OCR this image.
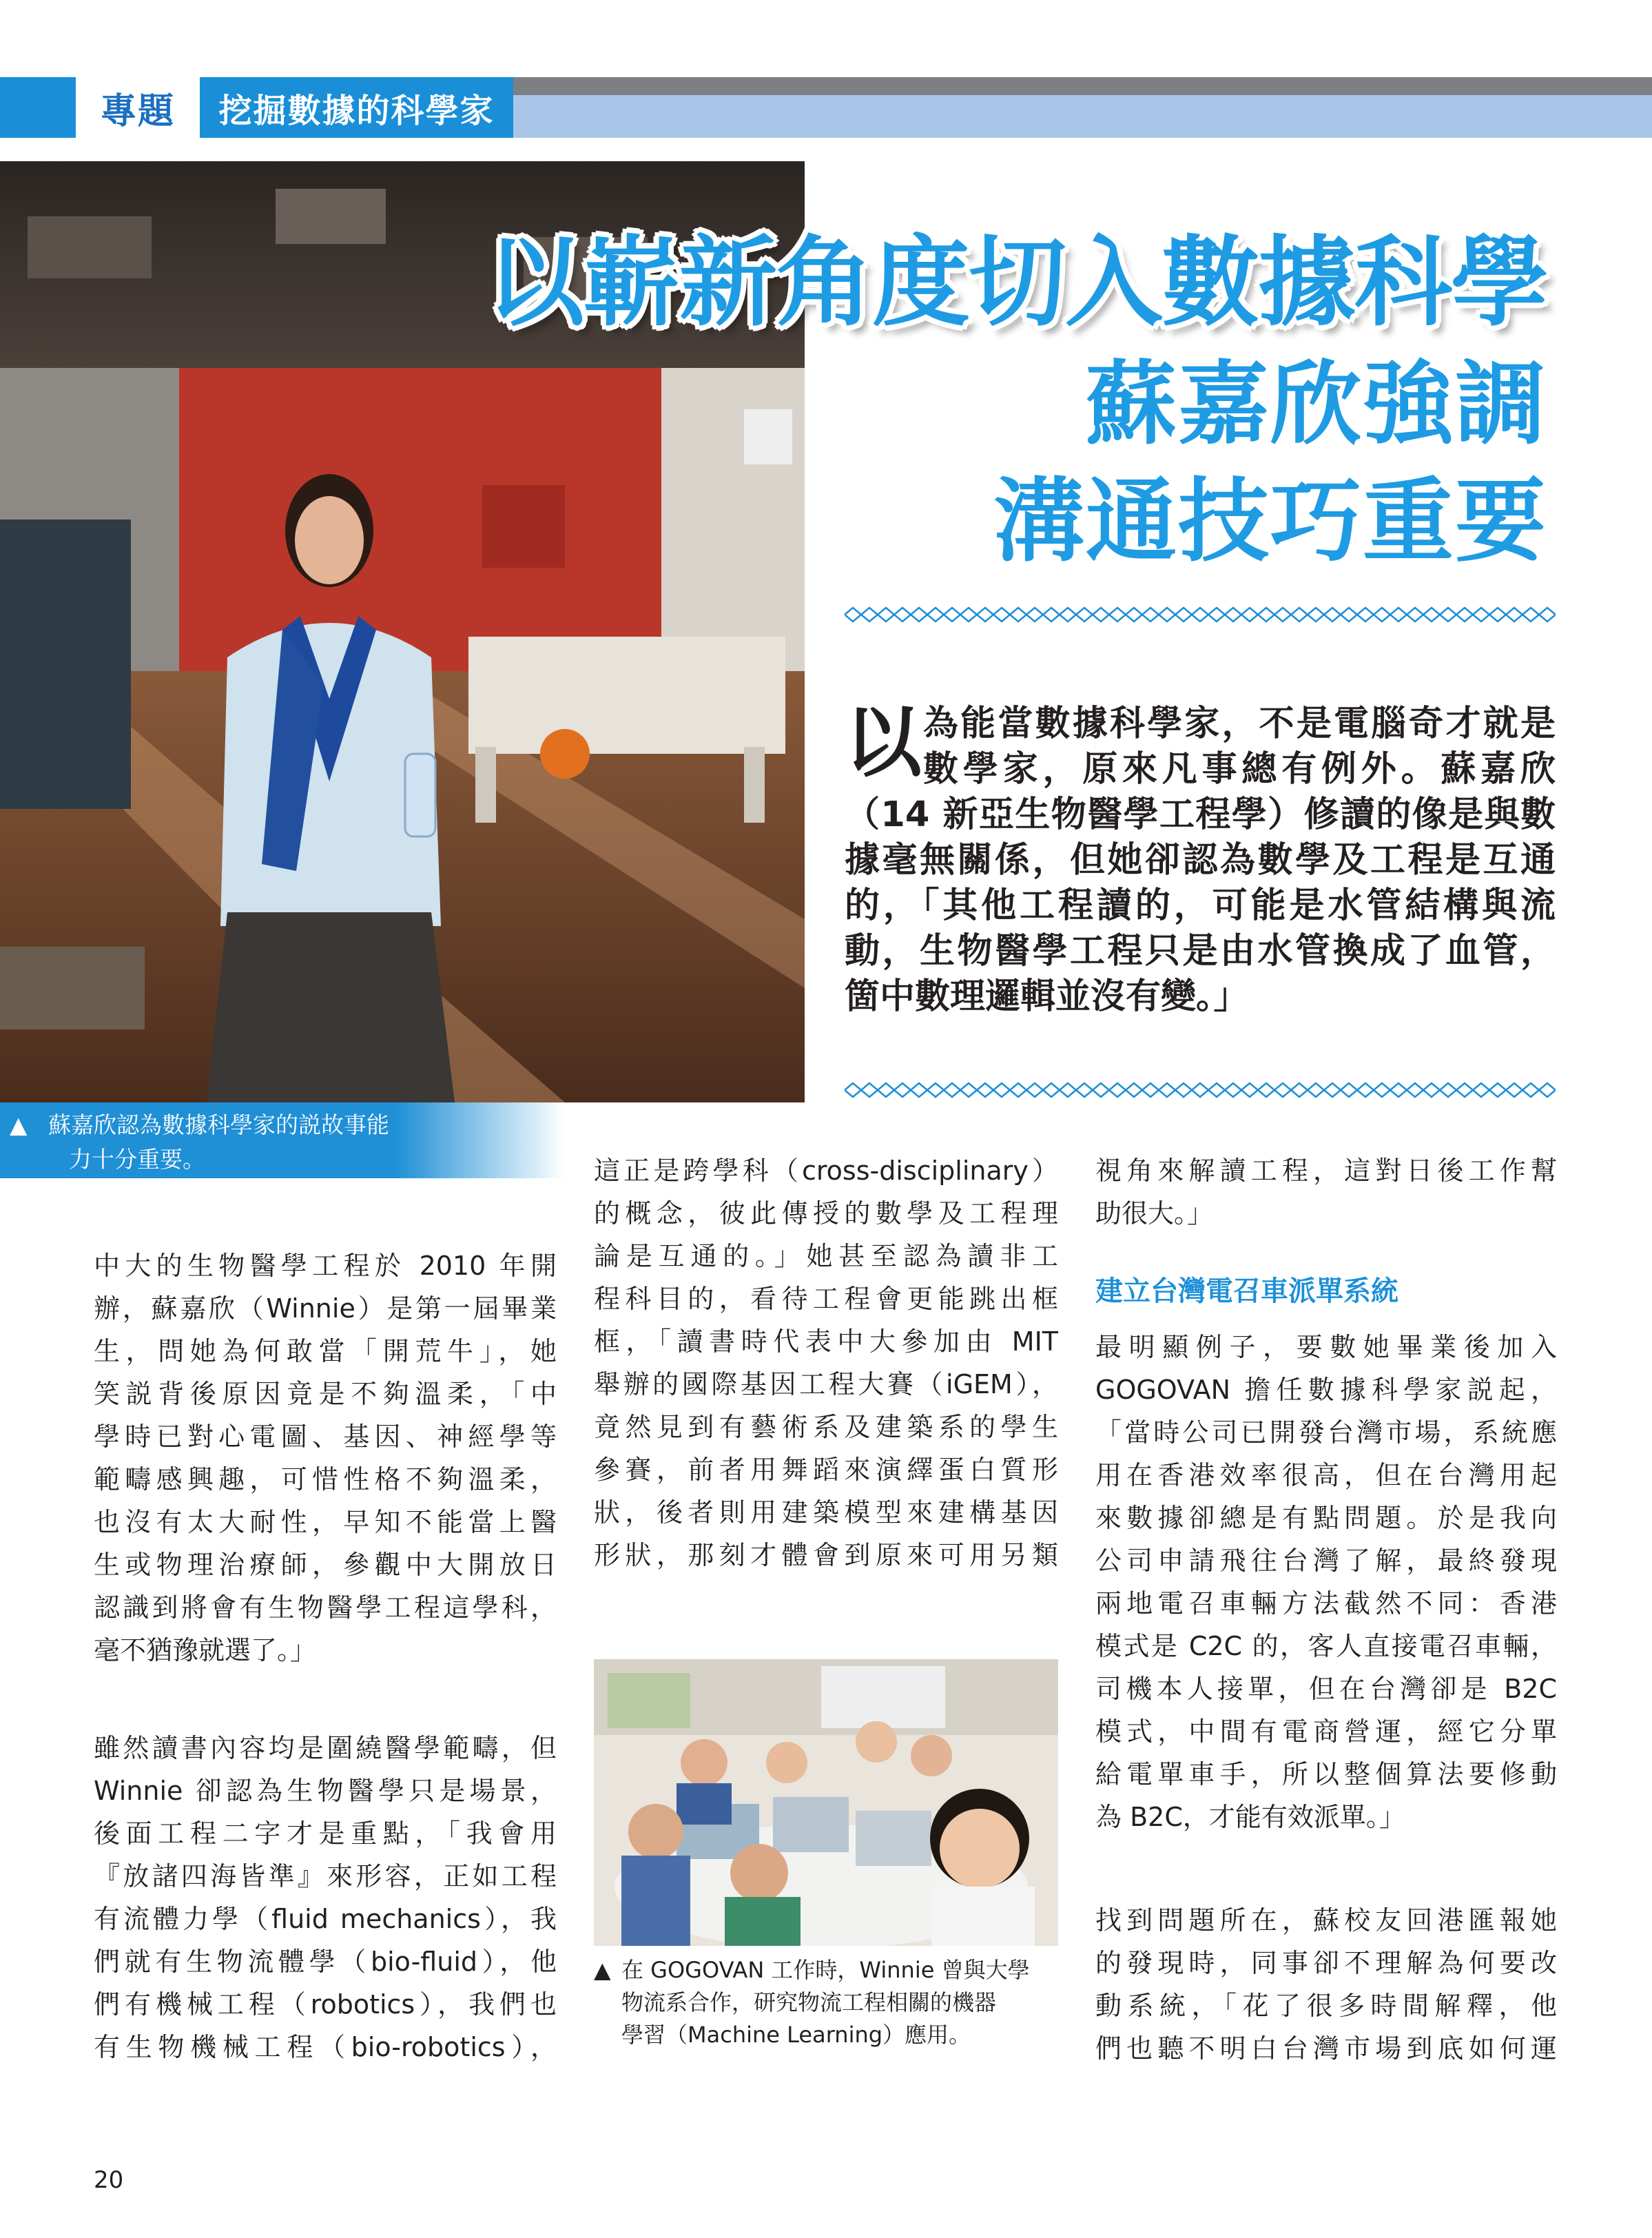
專題	挖掘數據的科學家
▲ 蘇嘉欣認為數據科學家的説故事能
力十分重要。
以嶄新角度切入數據科學
蘇嘉欣強調
溝通技巧重要
以 為能當數據科學家，不是電腦奇才就是
數學家，原來凡事總有例外。蘇嘉欣
（14 新亞生物醫學工程學）修讀的像是與數
據毫無關係，但她卻認為數學及工程是互通
的，「其他工程讀的，可能是水管結構與流
動，生物醫學工程只是由水管換成了血管，
箇中數理邏輯並沒有變。」
中大的生物醫學工程於 2010 年開
辦，蘇嘉欣（Winnie）是第一屆畢業
生，問她為何敢當「開荒牛」，她
笑説背後原因竟是不夠溫柔，「中
學時已對心電圖、基因、神經學等
範疇感興趣，可惜性格不夠溫柔，
也沒有太大耐性，早知不能當上醫
生或物理治療師，參觀中大開放日
認識到將會有生物醫學工程這學科，
毫不猶豫就選了。」
雖然讀書內容均是圍繞醫學範疇，但
Winnie 卻認為生物醫學只是場景，
後面工程二字才是重點，「我會用
『放諸四海皆準』來形容，正如工程
有流體力學（fluid mechanics），我
們就有生物流體學（bio-fluid），他
們有機械工程（robotics），我們也
有生物機械工程（bio-robotics），
這正是跨學科（cross-disciplinary）
的概念，彼此傳授的數學及工程理
論是互通的。」她甚至認為讀非工
程科目的，看待工程會更能跳出框
框，「讀書時代表中大參加由 MIT
舉辦的國際基因工程大賽（iGEM），
竟然見到有藝術系及建築系的學生
參賽，前者用舞蹈來演繹蛋白質形
狀，後者則用建築模型來建構基因
形狀，那刻才體會到原來可用另類
▲ 在 GOGOVAN 工作時，Winnie 曾與大學
物流系合作，研究物流工程相關的機器
學習（Machine Learning）應用。
視角來解讀工程，這對日後工作幫
助很大。」
最明顯例子，要數她畢業後加入
GOGOVAN 擔任數據科學家説起，
「當時公司已開發台灣市場，系統應
用在香港效率很高，但在台灣用起
來數據卻總是有點問題。於是我向
公司申請飛往台灣了解，最終發現
兩地電召車輛方法截然不同：香港
模式是 C2C 的，客人直接電召車輛，
司機本人接單，但在台灣卻是 B2C
模式，中間有電商營運，經它分單
給電單車手，所以整個算法要修動
為 B2C，才能有效派單。」
找到問題所在，蘇校友回港匯報她
的發現時，同事卻不理解為何要改
動系統，「花了很多時間解釋，他
們也聽不明白台灣市場到底如何運
建立台灣電召車派單系統
20
